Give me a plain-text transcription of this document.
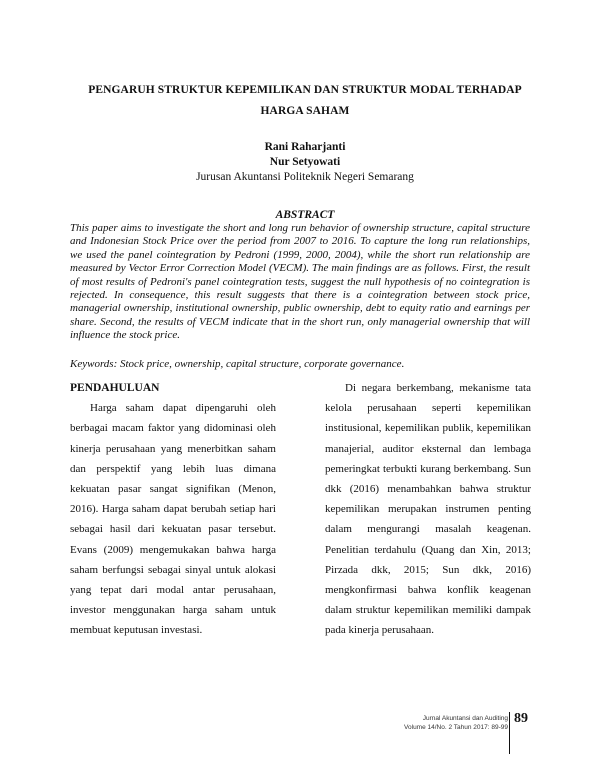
PENGARUH STRUKTUR KEPEMILIKAN DAN STRUKTUR MODAL TERHADAP
HARGA SAHAM
Rani Raharjanti
Nur Setyowati
Jurusan Akuntansi Politeknik Negeri Semarang
ABSTRACT

This paper aims to investigate the short and long run behavior of ownership structure, capital structure and Indonesian Stock Price over the period from 2007 to 2016. To capture the long run relationships, we used the panel cointegration by Pedroni (1999, 2000, 2004), while the short run relationship are measured by Vector Error Correction Model (VECM). The main findings are as follows. First, the result of most results of Pedroni's panel cointegration tests, suggest the null hypothesis of no cointegration is rejected. In consequence, this result suggests that there is a cointegration between stock price, managerial ownership, institutional ownership, public ownership, debt to equity ratio and earnings per share. Second, the results of VECM indicate that in the short run, only managerial ownership that will influence the stock price.

Keywords: Stock price, ownership, capital structure, corporate governance.

PENDAHULUAN

Harga saham dapat dipengaruhi oleh berbagai macam faktor yang didominasi oleh kinerja perusahaan yang menerbitkan saham dan perspektif yang lebih luas dimana kekuatan pasar sangat signifikan (Menon, 2016). Harga saham dapat berubah setiap hari sebagai hasil dari kekuatan pasar tersebut. Evans (2009) mengemukakan bahwa harga saham berfungsi sebagai sinyal untuk alokasi yang tepat dari modal antar perusahaan, investor menggunakan harga saham untuk membuat keputusan investasi.

Di negara berkembang, mekanisme tata kelola perusahaan seperti kepemilikan institusional, kepemilikan publik, kepemilikan manajerial, auditor eksternal dan lembaga pemeringkat terbukti kurang berkembang. Sun dkk (2016) menambahkan bahwa struktur kepemilikan merupakan instrumen penting dalam mengurangi masalah keagenan. Penelitian terdahulu (Quang dan Xin, 2013; Pirzada dkk, 2015; Sun dkk, 2016) mengkonfirmasi bahwa konflik keagenan dalam struktur kepemilikan memiliki dampak pada kinerja perusahaan.

Jurnal Akuntansi dan Auditing
Volume 14/No. 2 Tahun 2017: 89-99
89
